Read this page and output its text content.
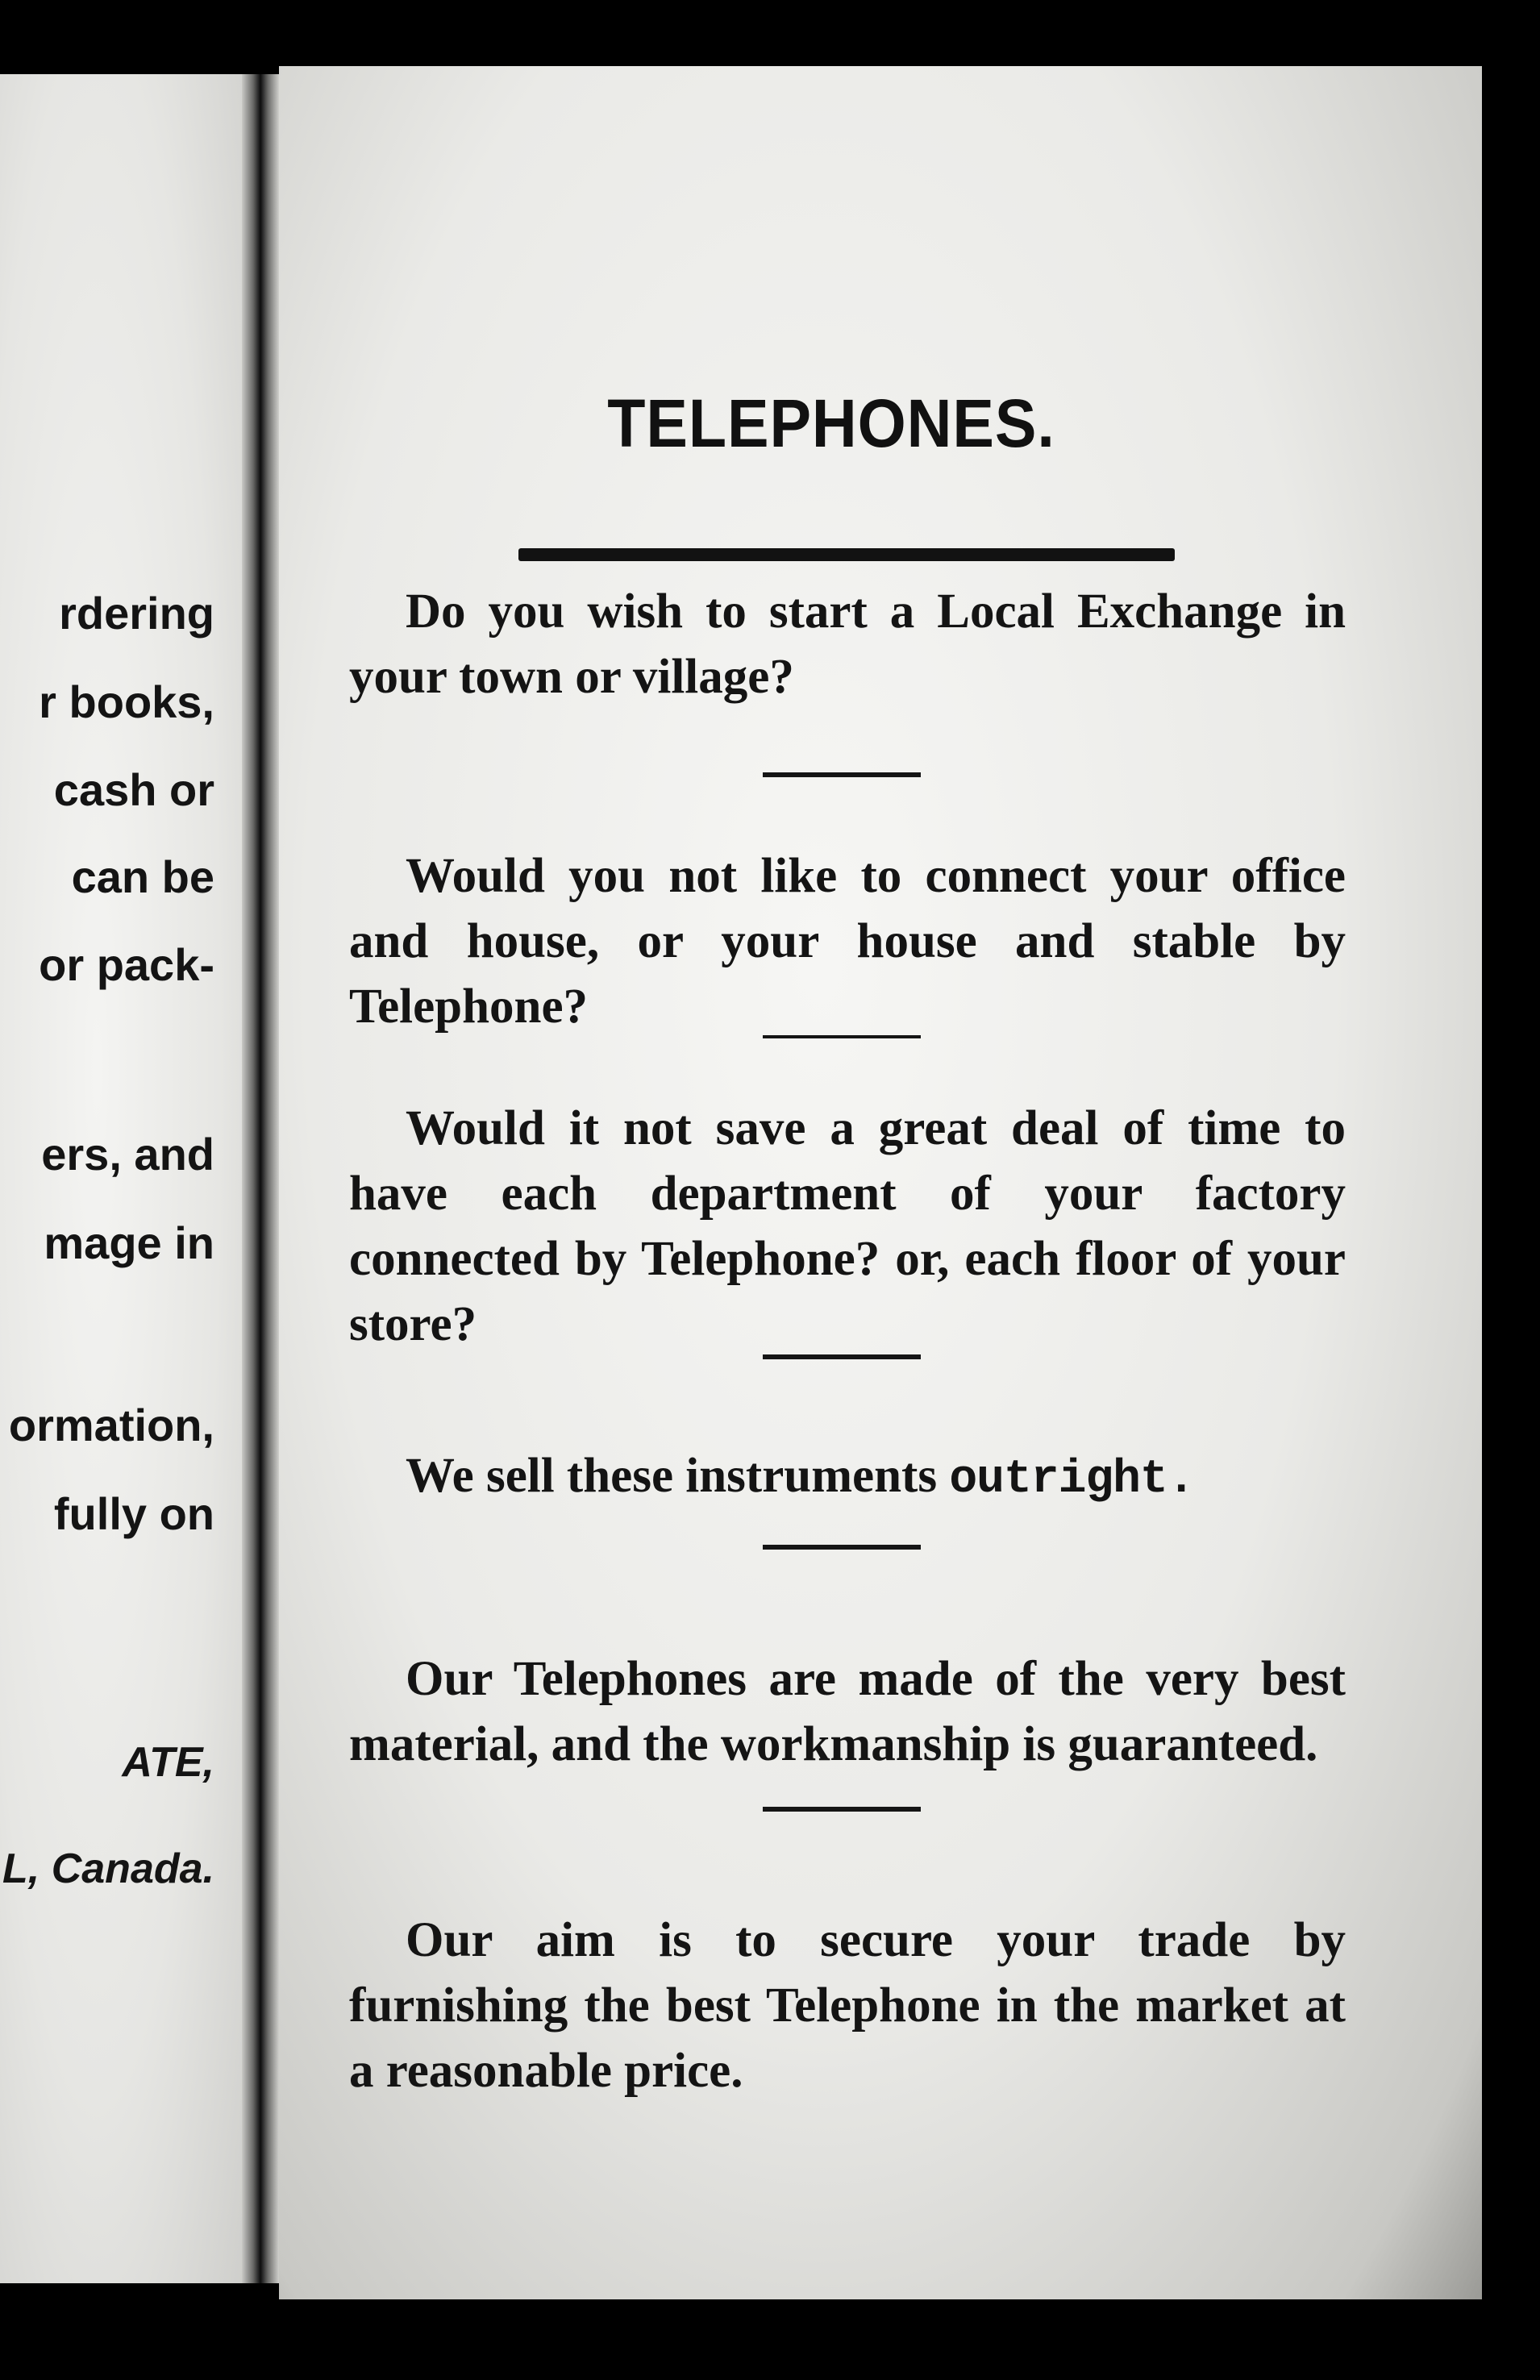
rdering

r books,

cash or

can be

or pack-

ers, and

mage in

ormation,

fully on

ATE,

L, Canada.

TELEPHONES.

Do you wish to start a Local Exchange in your town or village?

Would you not like to connect your office and house, or your house and stable by Telephone?

Would it not save a great deal of time to have each department of your factory connected by Telephone? or, each floor of your store?

We sell these instruments outright.

Our Telephones are made of the very best material, and the workmanship is guaranteed.

Our aim is to secure your trade by furnishing the best Telephone in the market at a reasonable price.
